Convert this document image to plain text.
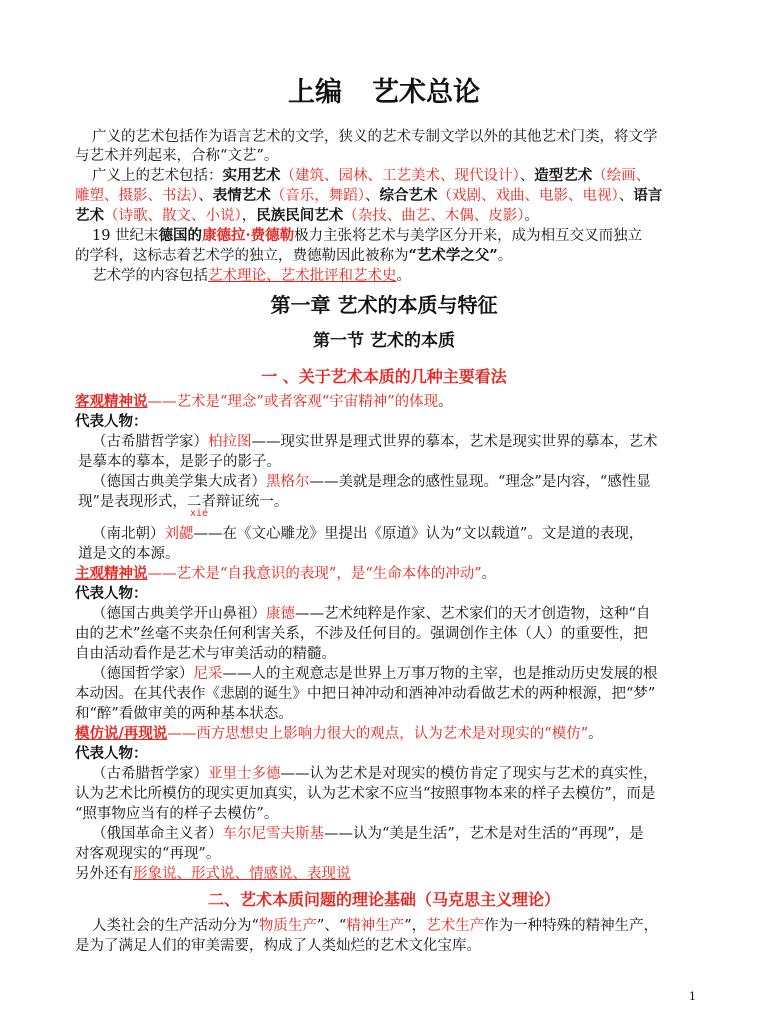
上编 艺术总论
广义的艺术包括作为语言艺术的文学，狭义的艺术专制文学以外的其他艺术门类，将文学
与艺术并列起来，合称“文艺”。
广义上的艺术包括：实用艺术（建筑、园林、工艺美术、现代设计）、造型艺术（绘画、
雕塑、摄影、书法）、表情艺术（音乐，舞蹈）、综合艺术（戏剧、戏曲、电影、电视）、语言
艺术（诗歌、散文、小说），民族民间艺术（杂技、曲艺、木偶、皮影）。
19 世纪末德国的康德拉·费德勒极力主张将艺术与美学区分开来，成为相互交叉而独立
的学科，这标志着艺术学的独立，费德勒因此被称为“艺术学之父”。
艺术学的内容包括艺术理论、艺术批评和艺术史。
第一章 艺术的本质与特征
第一节 艺术的本质
一 、关于艺术本质的几种主要看法
客观精神说——艺术是“理念”或者客观“宇宙精神”的体现。
代表人物：
（古希腊哲学家）柏拉图——现实世界是理式世界的摹本，艺术是现实世界的摹本，艺术
是摹本的摹本，是影子的影子。
（德国古典美学集大成者）黑格尔——美就是理念的感性显现。“理念”是内容，“感性显
现”是表现形式，二者辩证统一。
xié
（南北朝）刘勰——在《文心雕龙》里提出《原道》认为“文以载道”。文是道的表现，
道是文的本源。
主观精神说——艺术是“自我意识的表现”，是“生命本体的冲动”。
代表人物：
（德国古典美学开山鼻祖）康德——艺术纯粹是作家、艺术家们的天才创造物，这种“自
由的艺术”丝毫不夹杂任何利害关系，不涉及任何目的。强调创作主体（人）的重要性，把
自由活动看作是艺术与审美活动的精髓。
（德国哲学家）尼采——人的主观意志是世界上万事万物的主宰，也是推动历史发展的根
本动因。在其代表作《悲剧的诞生》中把日神冲动和酒神冲动看做艺术的两种根源，把“梦”
和“醉”看做审美的两种基本状态。
模仿说/再现说——西方思想史上影响力很大的观点，认为艺术是对现实的“模仿”。
代表人物：
（古希腊哲学家）亚里士多德——认为艺术是对现实的模仿肯定了现实与艺术的真实性，
认为艺术比所模仿的现实更加真实，认为艺术家不应当“按照事物本来的样子去模仿”，而是
“照事物应当有的样子去模仿”。
（俄国革命主义者）车尔尼雪夫斯基——认为“美是生活”，艺术是对生活的“再现”，是
对客观现实的“再现”。
另外还有形象说、形式说、情感说、表现说
二、艺术本质问题的理论基础（马克思主义理论）
人类社会的生产活动分为“物质生产”、“精神生产”，艺术生产作为一种特殊的精神生产，
是为了满足人们的审美需要，构成了人类灿烂的艺术文化宝库。
1
